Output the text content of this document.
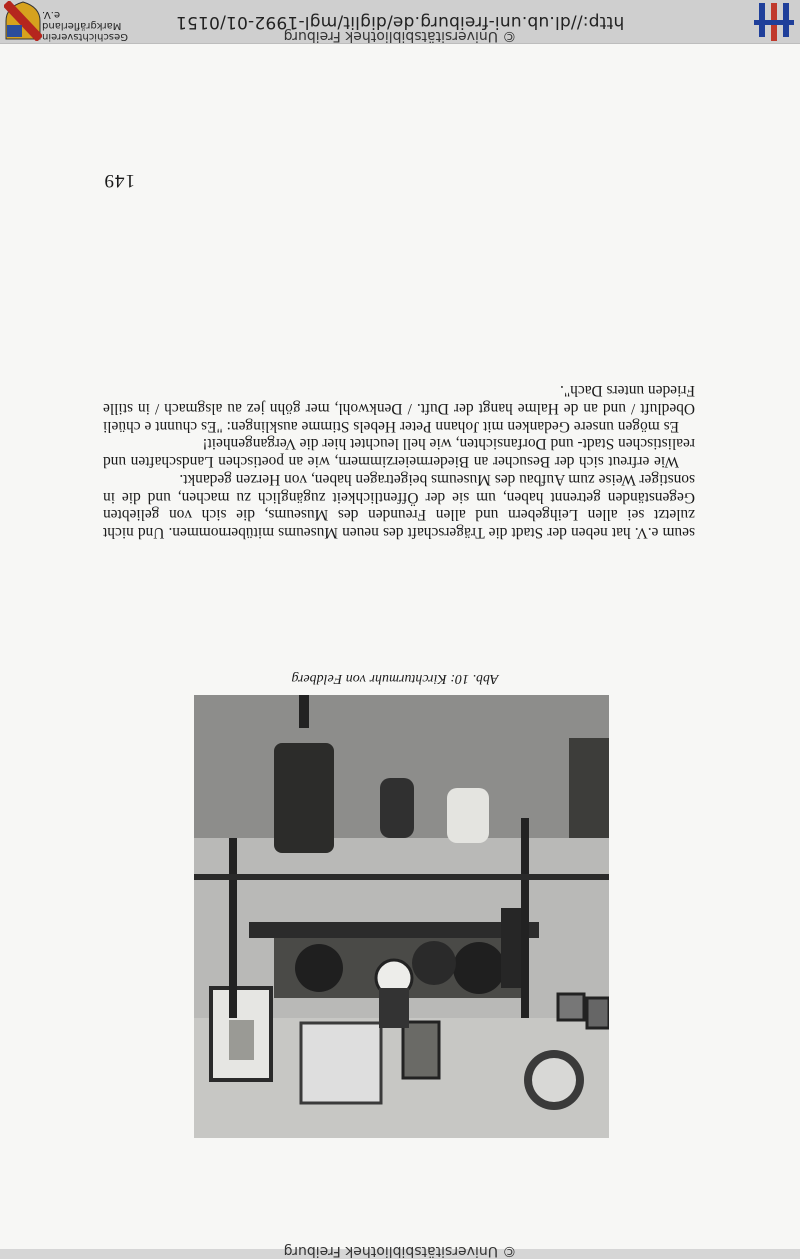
© Universitätsbibliothek Freiburg
http://dl.ub.uni-freiburg.de/diglit/mgl-1992-01/0151
Geschichtsverein
Markgräflerland e.V.
© Universitätsbibliothek Freiburg
149

seum e.V. hat neben der Stadt die Trägerschaft des neuen Museums mitübernommen. Und nicht zuletzt sei allen Leihgebern und allen Freunden des Museums, die sich von geliebten Gegenständen getrennt haben, um sie der Öffentlichkeit zugänglich zu machen, und die in sonstiger Weise zum Aufbau des Museums beigetragen haben, von Herzen gedankt.

Wie erfreut sich der Besucher an Biedermeierzimmern, wie an poetischen Landschaften und realistischen Stadt- und Dorfansichten, wie hell leuchtet hier die Vergangenheit!

Es mögen unsere Gedanken mit Johann Peter Hebels Stimme ausklingen: "Es chunnt e chüeli Obedluft / und an de Halme hangt der Duft. / Denkwohl, mer göhn jez au alsgmach / in stille Frieden unters Dach".

Abb. 10: Kirchturmuhr von Feldberg
